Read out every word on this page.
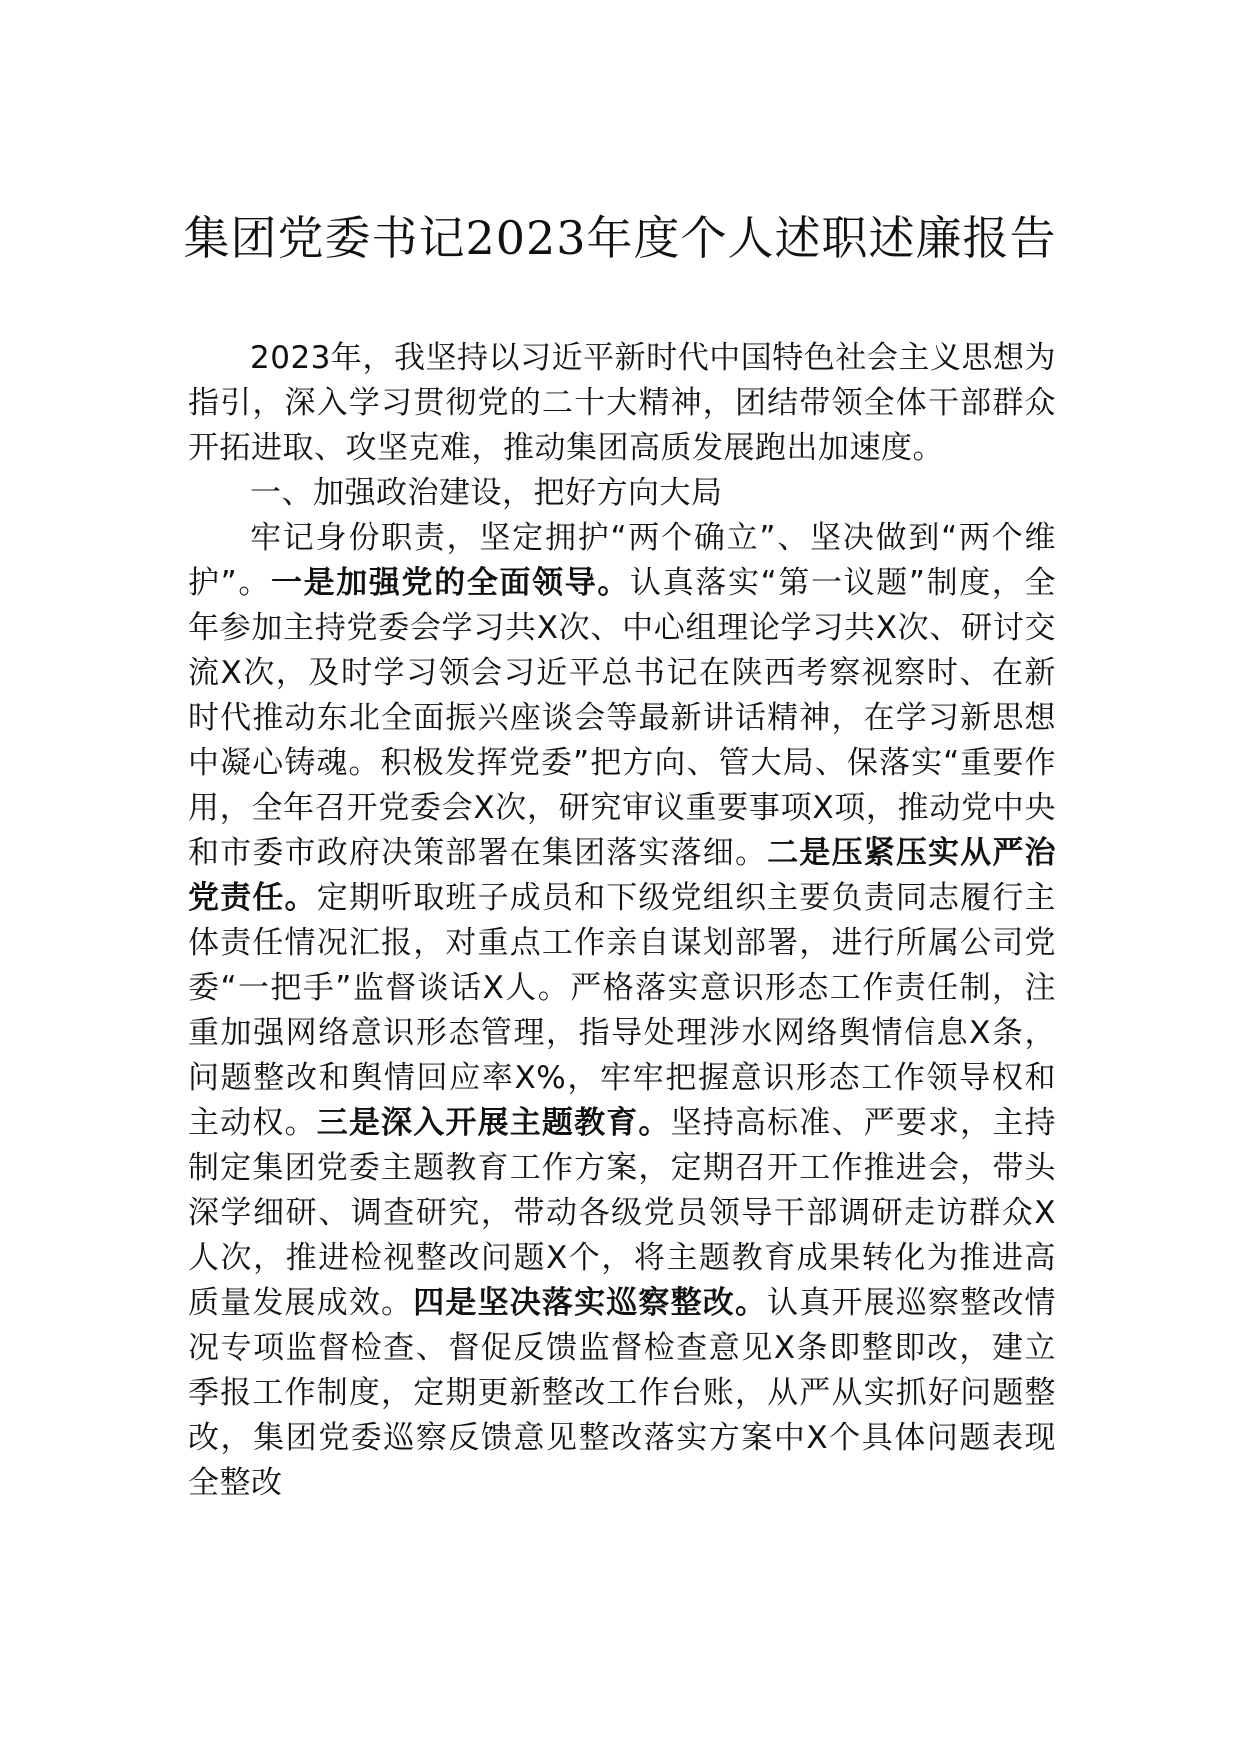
集团党委书记2023年度个人述职述廉报告

2023年，我坚持以习近平新时代中国特色社会主义思想为指引，深入学习贯彻党的二十大精神，团结带领全体干部群众开拓进取、攻坚克难，推动集团高质发展跑出加速度。

一、加强政治建设，把好方向大局

牢记身份职责，坚定拥护“两个确立”、坚决做到“两个维护”。一是加强党的全面领导。认真落实“第一议题”制度，全年参加主持党委会学习共X次、中心组理论学习共X次、研讨交流X次，及时学习领会习近平总书记在陕西考察视察时、在新时代推动东北全面振兴座谈会等最新讲话精神，在学习新思想中凝心铸魂。积极发挥党委”把方向、管大局、保落实“重要作用，全年召开党委会X次，研究审议重要事项X项，推动党中央和市委市政府决策部署在集团落实落细。二是压紧压实从严治党责任。定期听取班子成员和下级党组织主要负责同志履行主体责任情况汇报，对重点工作亲自谋划部署，进行所属公司党委“一把手”监督谈话X人。严格落实意识形态工作责任制，注重加强网络意识形态管理，指导处理涉水网络舆情信息X条，问题整改和舆情回应率X%，牢牢把握意识形态工作领导权和主动权。三是深入开展主题教育。坚持高标准、严要求，主持制定集团党委主题教育工作方案，定期召开工作推进会，带头深学细研、调查研究，带动各级党员领导干部调研走访群众X人次，推进检视整改问题X个，将主题教育成果转化为推进高质量发展成效。四是坚决落实巡察整改。认真开展巡察整改情况专项监督检查、督促反馈监督检查意见X条即整即改，建立季报工作制度，定期更新整改工作台账，从严从实抓好问题整改，集团党委巡察反馈意见整改落实方案中X个具体问题表现全整改
